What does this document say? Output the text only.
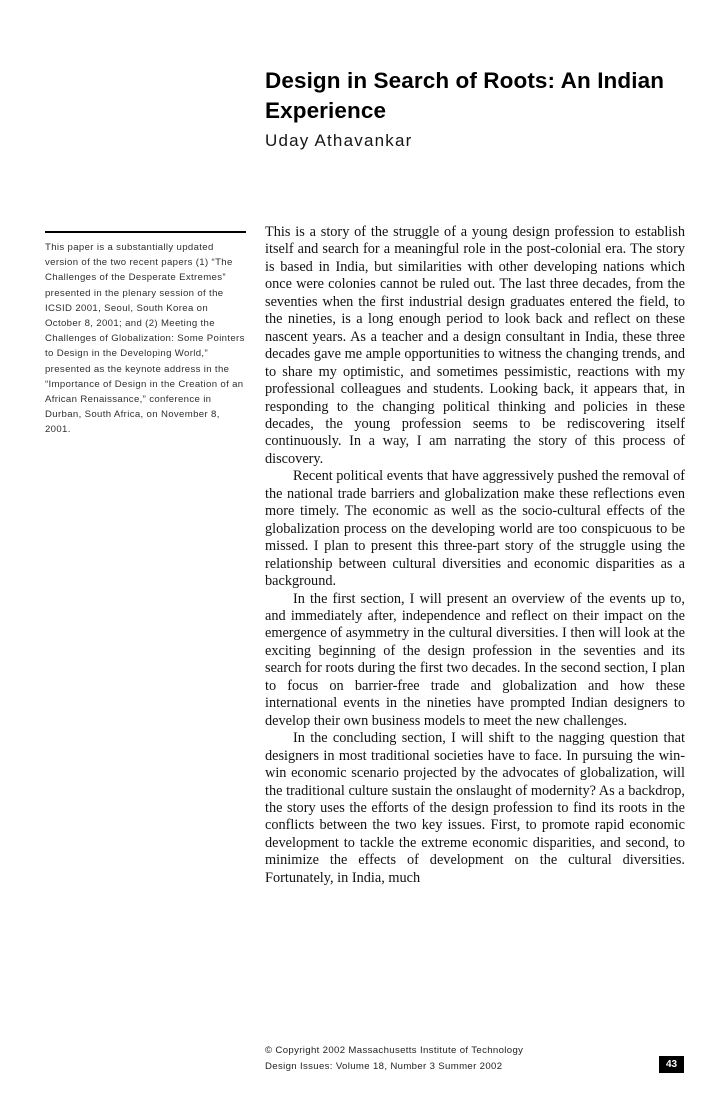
Design in Search of Roots: An Indian Experience
Uday Athavankar
This paper is a substantially updated version of the two recent papers (1) “The Challenges of the Desperate Extremes” presented in the plenary session of the ICSID 2001, Seoul, South Korea on October 8, 2001; and (2) Meeting the Challenges of Globalization: Some Pointers to Design in the Developing World,” presented as the keynote address in the “Importance of Design in the Creation of an African Renaissance,” conference in Durban, South Africa, on November 8, 2001.

This is a story of the struggle of a young design profession to establish itself and search for a meaningful role in the post-colonial era. The story is based in India, but similarities with other developing nations which once were colonies cannot be ruled out. The last three decades, from the seventies when the first industrial design graduates entered the field, to the nineties, is a long enough period to look back and reflect on these nascent years. As a teacher and a design consultant in India, these three decades gave me ample opportunities to witness the changing trends, and to share my optimistic, and sometimes pessimistic, reactions with my professional colleagues and students. Looking back, it appears that, in responding to the changing political thinking and policies in these decades, the young profession seems to be rediscovering itself continuously. In a way, I am narrating the story of this process of discovery.

Recent political events that have aggressively pushed the removal of the national trade barriers and globalization make these reflections even more timely. The economic as well as the socio-cultural effects of the globalization process on the developing world are too conspicuous to be missed. I plan to present this three-part story of the struggle using the relationship between cultural diversities and economic disparities as a background.

In the first section, I will present an overview of the events up to, and immediately after, independence and reflect on their impact on the emergence of asymmetry in the cultural diversities. I then will look at the exciting beginning of the design profession in the seventies and its search for roots during the first two decades. In the second section, I plan to focus on barrier-free trade and globalization and how these international events in the nineties have prompted Indian designers to develop their own business models to meet the new challenges.

In the concluding section, I will shift to the nagging question that designers in most traditional societies have to face. In pursuing the win-win economic scenario projected by the advocates of globalization, will the traditional culture sustain the onslaught of modernity? As a backdrop, the story uses the efforts of the design profession to find its roots in the conflicts between the two key issues. First, to promote rapid economic development to tackle the extreme economic disparities, and second, to minimize the effects of development on the cultural diversities. Fortunately, in India, much

© Copyright 2002 Massachusetts Institute of Technology
Design Issues: Volume 18, Number 3 Summer 2002	43
